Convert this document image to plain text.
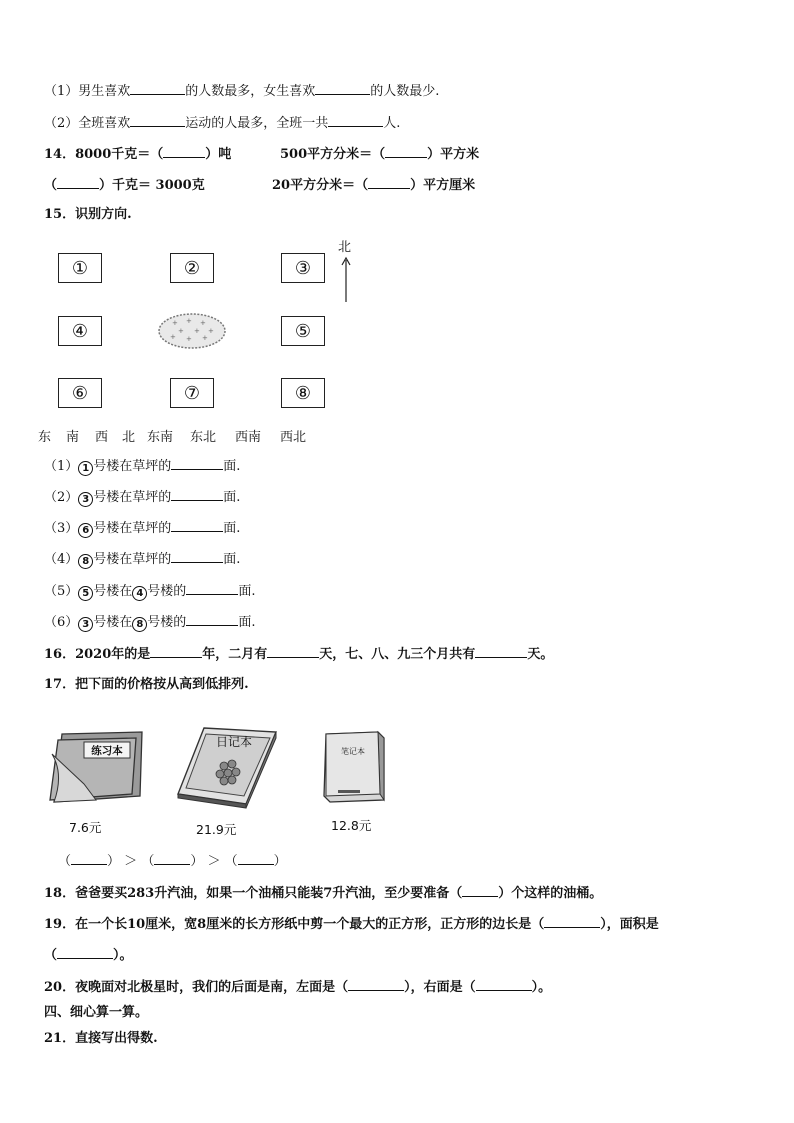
（1）男生喜欢	的人数最多，女生喜欢	的人数最少.
（2）全班喜欢	运动的人最多，全班一共	人.
14．8000千克＝（	）吨	500平方分米＝（	）平方米
（	）千克＝ 3000克	20平方分米＝（	）平方厘米
15．识别方向.
①	②	③
④	⑤
⑥	⑦	⑧
+ + +
+ + +
+ + +
北
东 南 西 北 东南 东北 西南 西北
（1） 1 号楼在草坪的	面.
（2） 3 号楼在草坪的	面.
（3） 6 号楼在草坪的	面.
（4） 8 号楼在草坪的	面.
（5） 5 号楼在 4 号楼的	面.
（6） 3 号楼在 8 号楼的	面.
16．2020年的是	年，二月有	天，七、八、九三个月共有	天。
17．把下面的价格按从高到低排列.
练习本
7.6元
日记本
21.9元
笔记本
12.8元
（	） ＞ （	） ＞ （	）
18．爸爸要买283升汽油，如果一个油桶只能装7升汽油，至少要准备（	）个这样的油桶。
19．在一个长10厘米，宽8厘米的长方形纸中剪一个最大的正方形，正方形的边长是（	），面积是
（	）。
20．夜晚面对北极星时，我们的后面是南，左面是（	），右面是（	）。
四、细心算一算。
21．直接写出得数.
